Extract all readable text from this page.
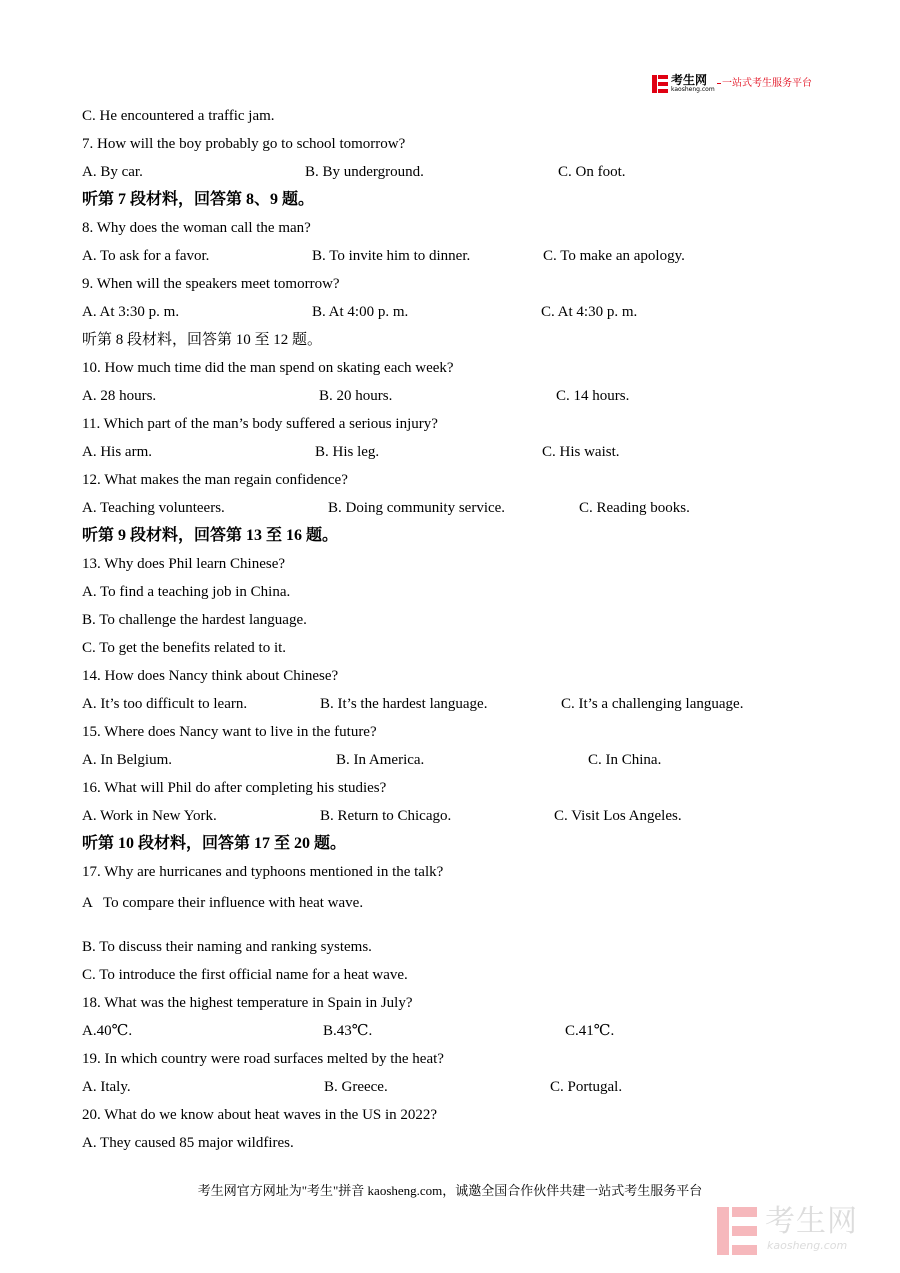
考生网
kaosheng.com
一站式考生服务平台
C. He encountered a traffic jam.
7. How will the boy probably go to school tomorrow?
A. By car.	B. By underground.	C. On foot.
听第 7 段材料，回答第 8、9 题。
8. Why does the woman call the man?
A. To ask for a favor.	B. To invite him to dinner.	C. To make an apology.
9. When will the speakers meet tomorrow?
A. At 3:30 p. m.	B. At 4:00 p. m.	C. At 4:30 p. m.
听第 8 段材料，回答第 10 至 12 题。
10. How much time did the man spend on skating each week?
A. 28 hours.	B. 20 hours.	C. 14 hours.
11. Which part of the man’s body suffered a serious injury?
A. His arm.	B. His leg.	C. His waist.
12. What makes the man regain confidence?
A. Teaching volunteers.	B. Doing community service.	C. Reading books.
听第 9 段材料，回答第 13 至 16 题。
13. Why does Phil learn Chinese?
A. To find a teaching job in China.
B. To challenge the hardest language.
C. To get the benefits related to it.
14. How does Nancy think about Chinese?
A. It’s too difficult to learn.	B. It’s the hardest language.	C. It’s a challenging language.
15. Where does Nancy want to live in the future?
A. In Belgium.	B. In America.	C. In China.
16. What will Phil do after completing his studies?
A. Work in New York.	B. Return to Chicago.	C. Visit Los Angeles.
听第 10 段材料，回答第 17 至 20 题。
17. Why are hurricanes and typhoons mentioned in the talk?
A   To compare their influence with heat wave.
B. To discuss their naming and ranking systems.
C. To introduce the first official name for a heat wave.
18. What was the highest temperature in Spain in July?
A.40℃.	B.43℃.	C.41℃.
19. In which country were road surfaces melted by the heat?
A. Italy.	B. Greece.	C. Portugal.
20. What do we know about heat waves in the US in 2022?
A. They caused 85 major wildfires.
考生网官方网址为"考生"拼音 kaosheng.com，诚邀全国合作伙伴共建一站式考生服务平台
考生网
kaosheng.com
